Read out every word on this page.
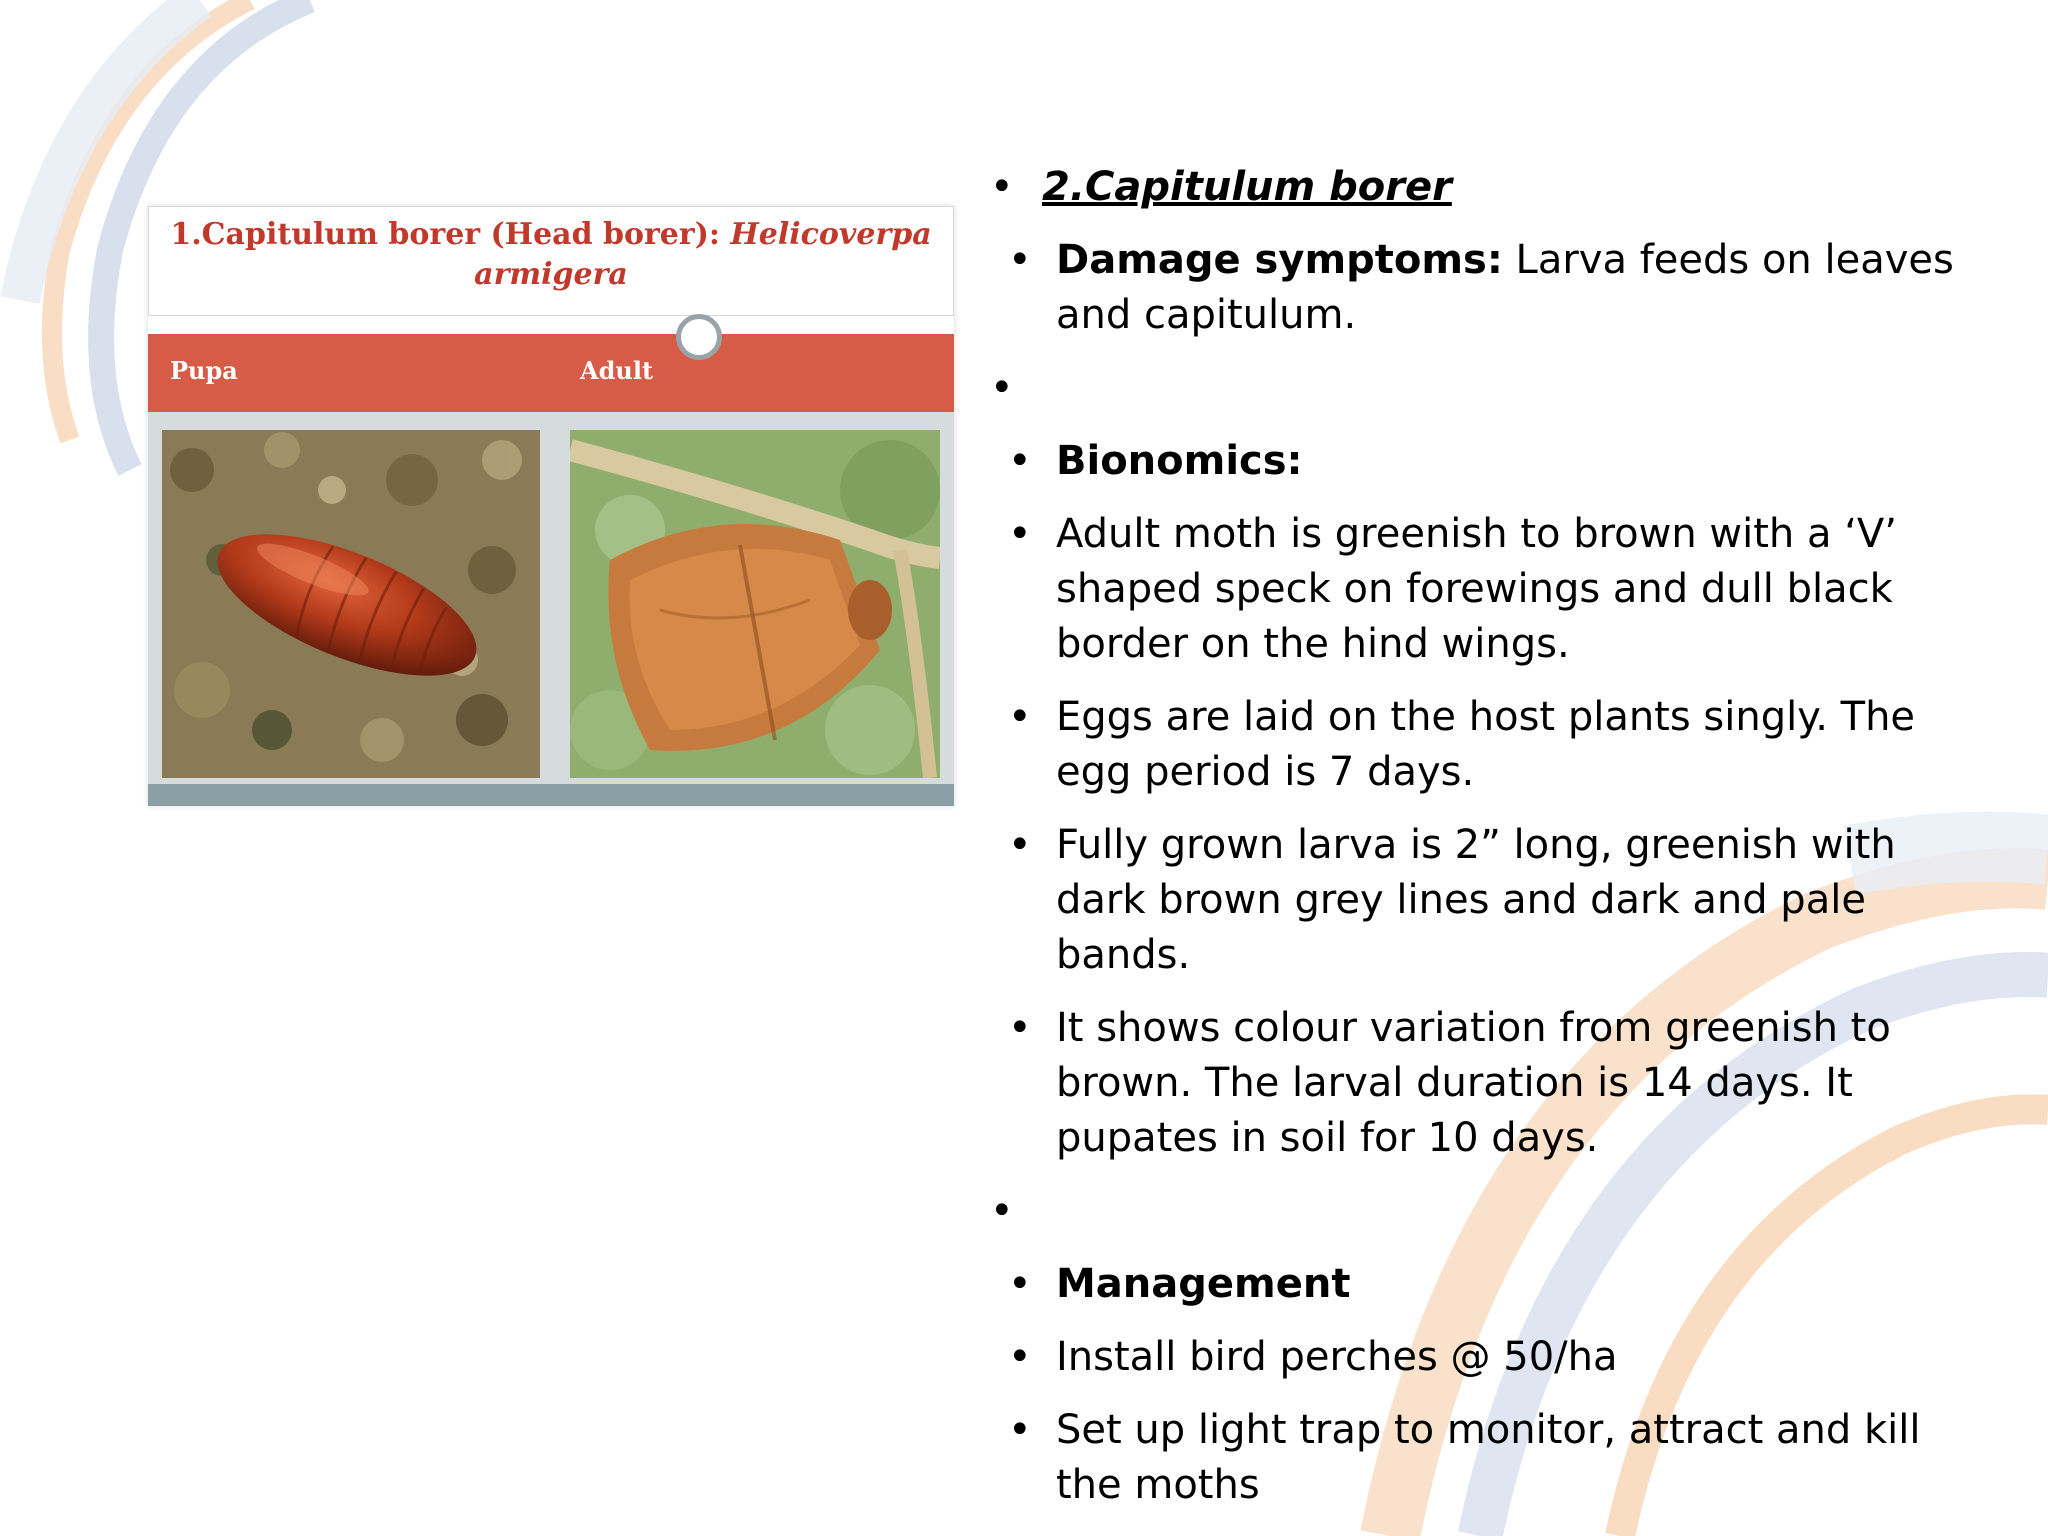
1.Capitulum borer (Head borer): Helicoverpa armigera
Pupa	Adult
• 2.Capitulum borer
• Damage symptoms: Larva feeds on leaves and capitulum.
•
• Bionomics:
• Adult moth is greenish to brown with a ‘V’ shaped speck on forewings and dull black border on the hind wings.
• Eggs are laid on the host plants singly. The egg period is 7 days.
• Fully grown larva is 2” long, greenish with dark brown grey lines and dark and pale bands.
• It shows colour variation from greenish to brown. The larval duration is 14 days. It pupates in soil for 10 days.
•
• Management
• Install bird perches @ 50/ha
• Set up light trap to monitor, attract and kill the moths
